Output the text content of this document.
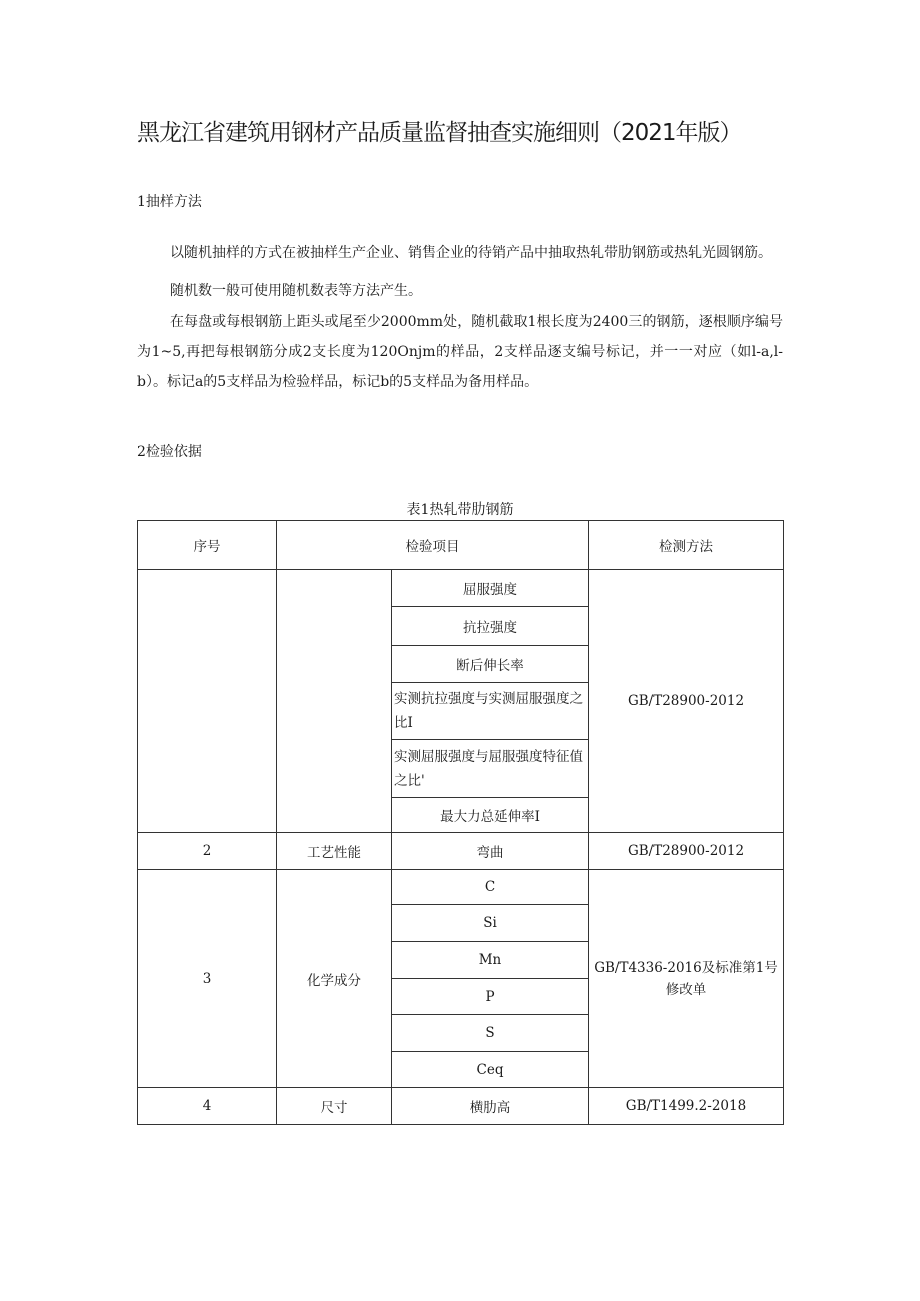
黑龙江省建筑用钢材产品质量监督抽查实施细则（2021年版）
1抽样方法
以随机抽样的方式在被抽样生产企业、销售企业的待销产品中抽取热轧带肋钢筋或热轧光圆钢筋。
随机数一般可使用随机数表等方法产生。
在每盘或每根钢筋上距头或尾至少2000mm处，随机截取1根长度为2400三的钢筋，逐根顺序编号为1~5,再把每根钢筋分成2支长度为120Onjm的样品，2支样品逐支编号标记，并一一对应（如l-a,l-b）。标记a的5支样品为检验样品，标记b的5支样品为备用样品。
2检验依据
表1热轧带肋钢筋
序号	检验项目		检测方法
		屈服强度	GB/T28900-2012
		抗拉强度	
		断后伸长率	
		实测抗拉强度与实测屈服强度之比I	
		实测屈服强度与屈服强度特征值之比'	
		最大力总延伸率I	
2	工艺性能	弯曲	GB/T28900-2012
3	化学成分	C	GB/T4336-2016及标准第1号修改单
		Si	
		Mn	
		P	
		S	
		Ceq	
4	尺寸	横肋高	GB/T1499.2-2018
